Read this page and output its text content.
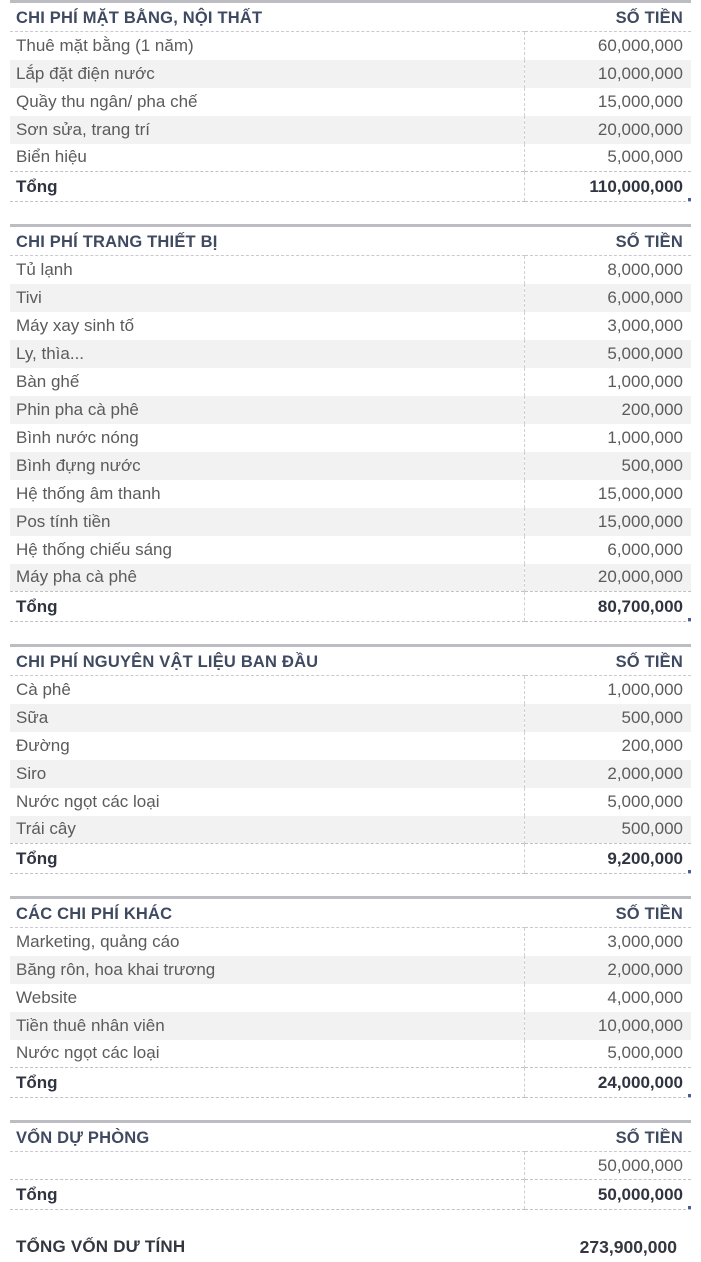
CHI PHÍ MẶT BẰNG, NỘI THẤT	SỐ TIỀN
Thuê mặt bằng (1 năm)	60,000,000
Lắp đặt điện nước	10,000,000
Quầy thu ngân/ pha chế	15,000,000
Sơn sửa, trang trí	20,000,000
Biển hiệu	5,000,000
Tổng	110,000,000
CHI PHÍ TRANG THIẾT BỊ	SỐ TIỀN
Tủ lạnh	8,000,000
Tivi	6,000,000
Máy xay sinh tố	3,000,000
Ly, thìa...	5,000,000
Bàn ghế	1,000,000
Phin pha cà phê	200,000
Bình nước nóng	1,000,000
Bình đựng nước	500,000
Hệ thống âm thanh	15,000,000
Pos tính tiền	15,000,000
Hệ thống chiếu sáng	6,000,000
Máy pha cà phê	20,000,000
Tổng	80,700,000
CHI PHÍ NGUYÊN VẬT LIỆU BAN ĐẦU	SỐ TIỀN
Cà phê	1,000,000
Sữa	500,000
Đường	200,000
Siro	2,000,000
Nước ngọt các loại	5,000,000
Trái cây	500,000
Tổng	9,200,000
CÁC CHI PHÍ KHÁC	SỐ TIỀN
Marketing, quảng cáo	3,000,000
Băng rôn, hoa khai trương	2,000,000
Website	4,000,000
Tiền thuê nhân viên	10,000,000
Nước ngọt các loại	5,000,000
Tổng	24,000,000
VỐN DỰ PHÒNG	SỐ TIỀN
	50,000,000
Tổng	50,000,000
TỔNG VỐN DƯ TÍNH	273,900,000
